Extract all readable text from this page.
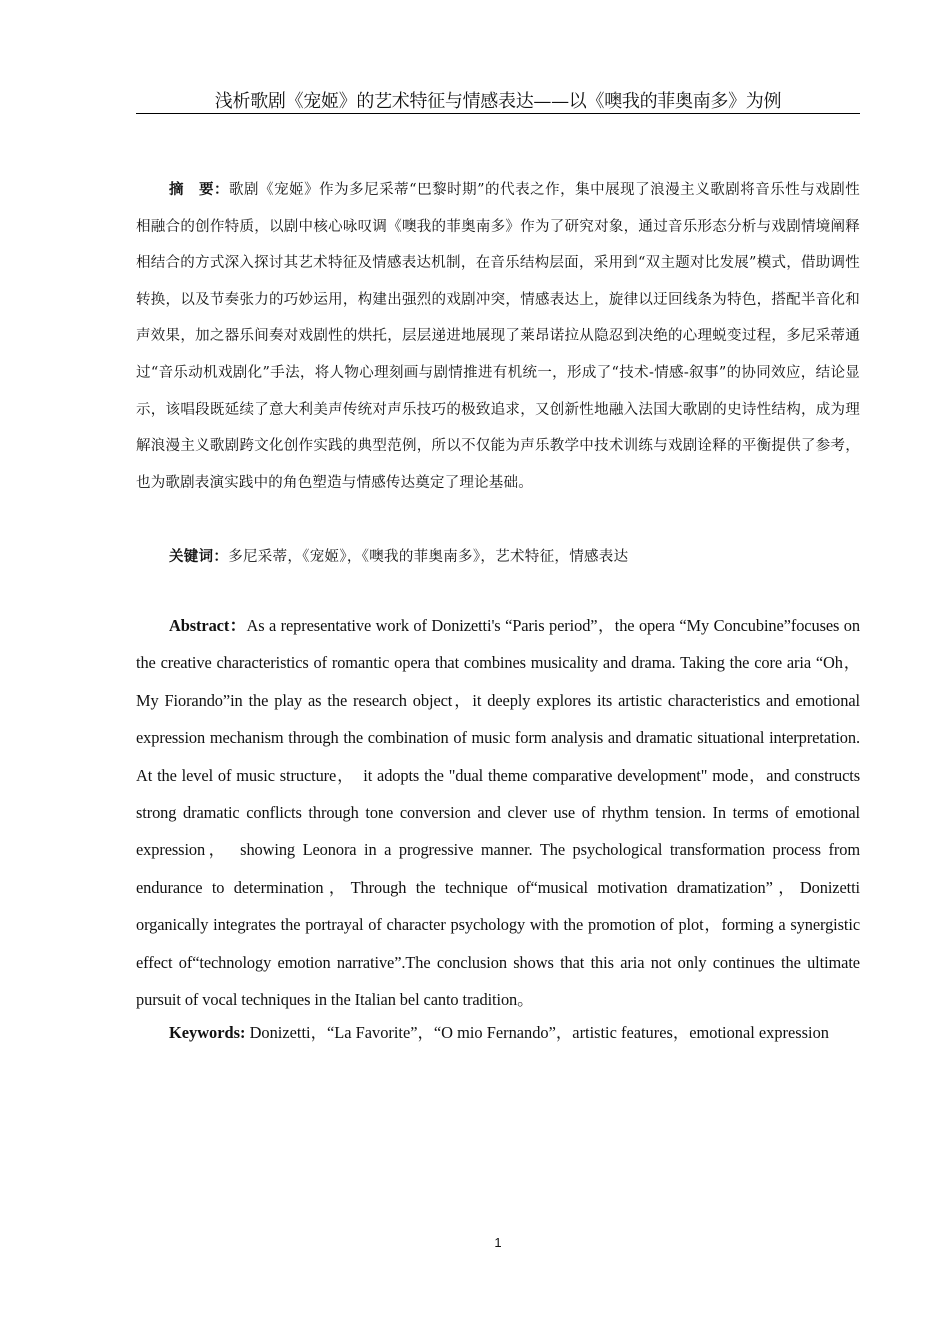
浅析歌剧《宠姬》的艺术特征与情感表达——以《噢我的菲奥南多》为例

摘　要：歌剧《宠姬》作为多尼采蒂“巴黎时期”的代表之作，集中展现了浪漫主义歌剧将音乐性与戏剧性相融合的创作特质，以剧中核心咏叹调《噢我的菲奥南多》作为了研究对象，通过音乐形态分析与戏剧情境阐释相结合的方式深入探讨其艺术特征及情感表达机制，在音乐结构层面，采用到“双主题对比发展”模式，借助调性转换，以及节奏张力的巧妙运用，构建出强烈的戏剧冲突，情感表达上，旋律以迂回线条为特色，搭配半音化和声效果，加之器乐间奏对戏剧性的烘托，层层递进地展现了莱昂诺拉从隐忍到决绝的心理蜕变过程，多尼采蒂通过“音乐动机戏剧化”手法，将人物心理刻画与剧情推进有机统一，形成了“技术-情感-叙事”的协同效应，结论显示，该唱段既延续了意大利美声传统对声乐技巧的极致追求，又创新性地融入法国大歌剧的史诗性结构，成为理解浪漫主义歌剧跨文化创作实践的典型范例，所以不仅能为声乐教学中技术训练与戏剧诠释的平衡提供了参考，也为歌剧表演实践中的角色塑造与情感传达奠定了理论基础。

关键词：多尼采蒂，《宠姬》，《噢我的菲奥南多》，艺术特征，情感表达

Abstract：As a representative work of Donizetti's “Paris period”，the opera “My Concubine”focuses on the creative characteristics of romantic opera that combines musicality and drama. Taking the core aria “Oh，My Fiorando”in the play as the research object，it deeply explores its artistic characteristics and emotional expression mechanism through the combination of music form analysis and dramatic situational interpretation. At the level of music structure，　it adopts the "dual theme comparative development" mode，and constructs strong dramatic conflicts through tone conversion and clever use of rhythm tension. In terms of emotional expression，　showing Leonora in a progressive manner. The psychological transformation process from endurance to determination，Through the technique of“musical motivation dramatization”，Donizetti organically integrates the portrayal of character psychology with the promotion of plot，forming a synergistic effect of“technology emotion narrative”.The conclusion shows that this aria not only continues the ultimate pursuit of vocal techniques in the Italian bel canto tradition。

Keywords: Donizetti，“La Favorite”，“O mio Fernando”，artistic features，emotional expression

1
